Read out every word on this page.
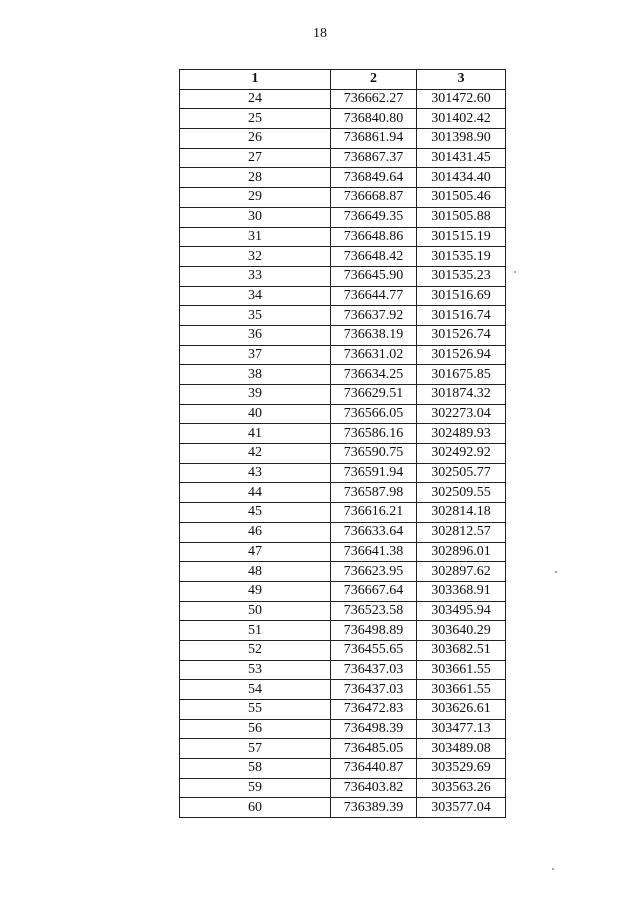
18
1	2	3
24	736662.27	301472.60
25	736840.80	301402.42
26	736861.94	301398.90
27	736867.37	301431.45
28	736849.64	301434.40
29	736668.87	301505.46
30	736649.35	301505.88
31	736648.86	301515.19
32	736648.42	301535.19
33	736645.90	301535.23
34	736644.77	301516.69
35	736637.92	301516.74
36	736638.19	301526.74
37	736631.02	301526.94
38	736634.25	301675.85
39	736629.51	301874.32
40	736566.05	302273.04
41	736586.16	302489.93
42	736590.75	302492.92
43	736591.94	302505.77
44	736587.98	302509.55
45	736616.21	302814.18
46	736633.64	302812.57
47	736641.38	302896.01
48	736623.95	302897.62
49	736667.64	303368.91
50	736523.58	303495.94
51	736498.89	303640.29
52	736455.65	303682.51
53	736437.03	303661.55
54	736437.03	303661.55
55	736472.83	303626.61
56	736498.39	303477.13
57	736485.05	303489.08
58	736440.87	303529.69
59	736403.82	303563.26
60	736389.39	303577.04
